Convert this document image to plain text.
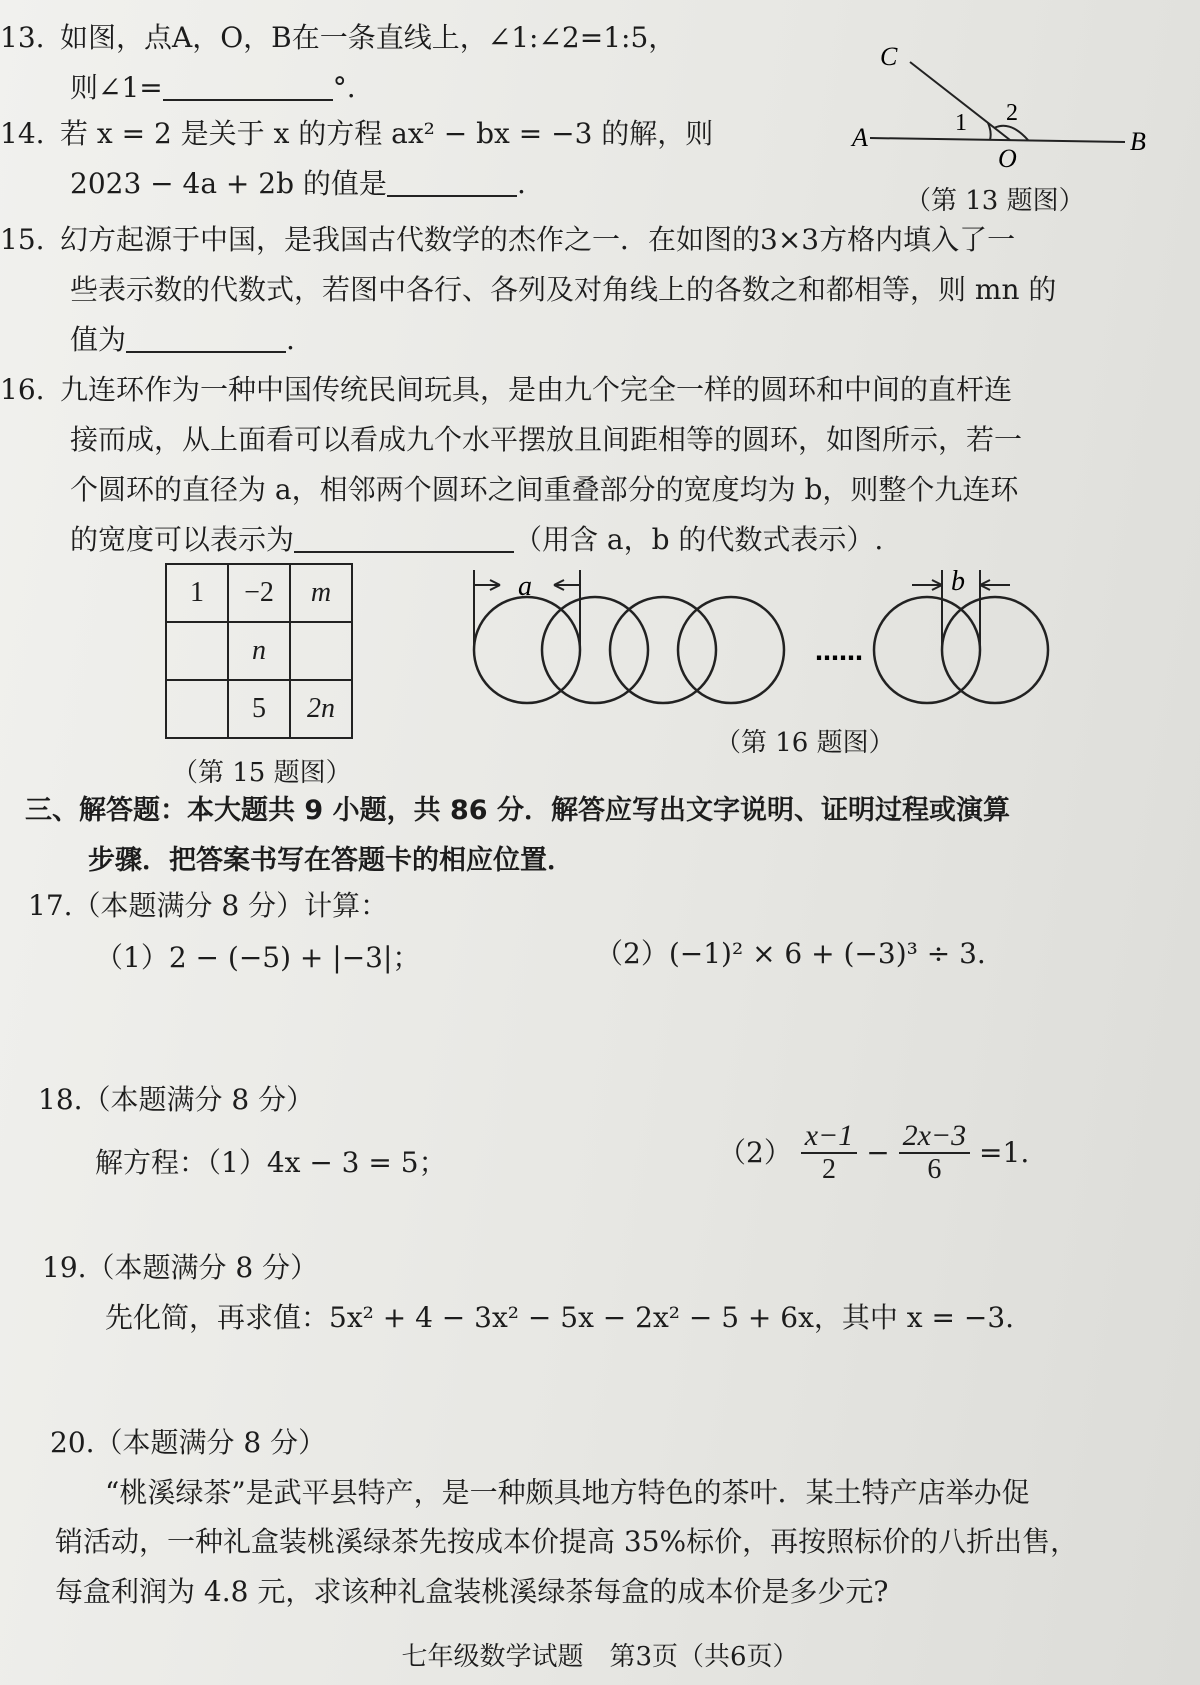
13. 如图，点A，O，B在一条直线上，∠1:∠2=1:5，
则∠1=	°.
14. 若 x = 2 是关于 x 的方程 ax² − bx = −3 的解，则
2023 − 4a + 2b 的值是	.
C
A
O
B
1 2
（第 13 题图）
15. 幻方起源于中国，是我国古代数学的杰作之一．在如图的3×3方格内填入了一
些表示数的代数式，若图中各行、各列及对角线上的各数之和都相等，则 mn 的
值为	.
16. 九连环作为一种中国传统民间玩具，是由九个完全一样的圆环和中间的直杆连
接而成，从上面看可以看成九个水平摆放且间距相等的圆环，如图所示，若一
个圆环的直径为 a，相邻两个圆环之间重叠部分的宽度均为 b，则整个九连环
的宽度可以表示为	（用含 a，b 的代数式表示）.
1	−2	m
	n	
	5	2n
（第 15 题图）
a	b
……
（第 16 题图）
三、解答题：本大题共 9 小题，共 86 分．解答应写出文字说明、证明过程或演算
步骤．把答案书写在答题卡的相应位置．
17.（本题满分 8 分）计算：
（1）2 − (−5) + |−3|；	（2）(−1)² × 6 + (−3)³ ÷ 3.
18.（本题满分 8 分）
解方程：（1）4x − 3 = 5；	$(2) \frac{x-1}{2} - \frac{2x-3}{6} =1$.
19.（本题满分 8 分）
先化简，再求值：5x² + 4 − 3x² − 5x − 2x² − 5 + 6x，其中 x = −3.
20.（本题满分 8 分）
“桃溪绿茶”是武平县特产，是一种颇具地方特色的茶叶．某土特产店举办促
销活动，一种礼盒装桃溪绿茶先按成本价提高 35%标价，再按照标价的八折出售，
每盒利润为 4.8 元，求该种礼盒装桃溪绿茶每盒的成本价是多少元?
七年级数学试题　第3页（共6页）
